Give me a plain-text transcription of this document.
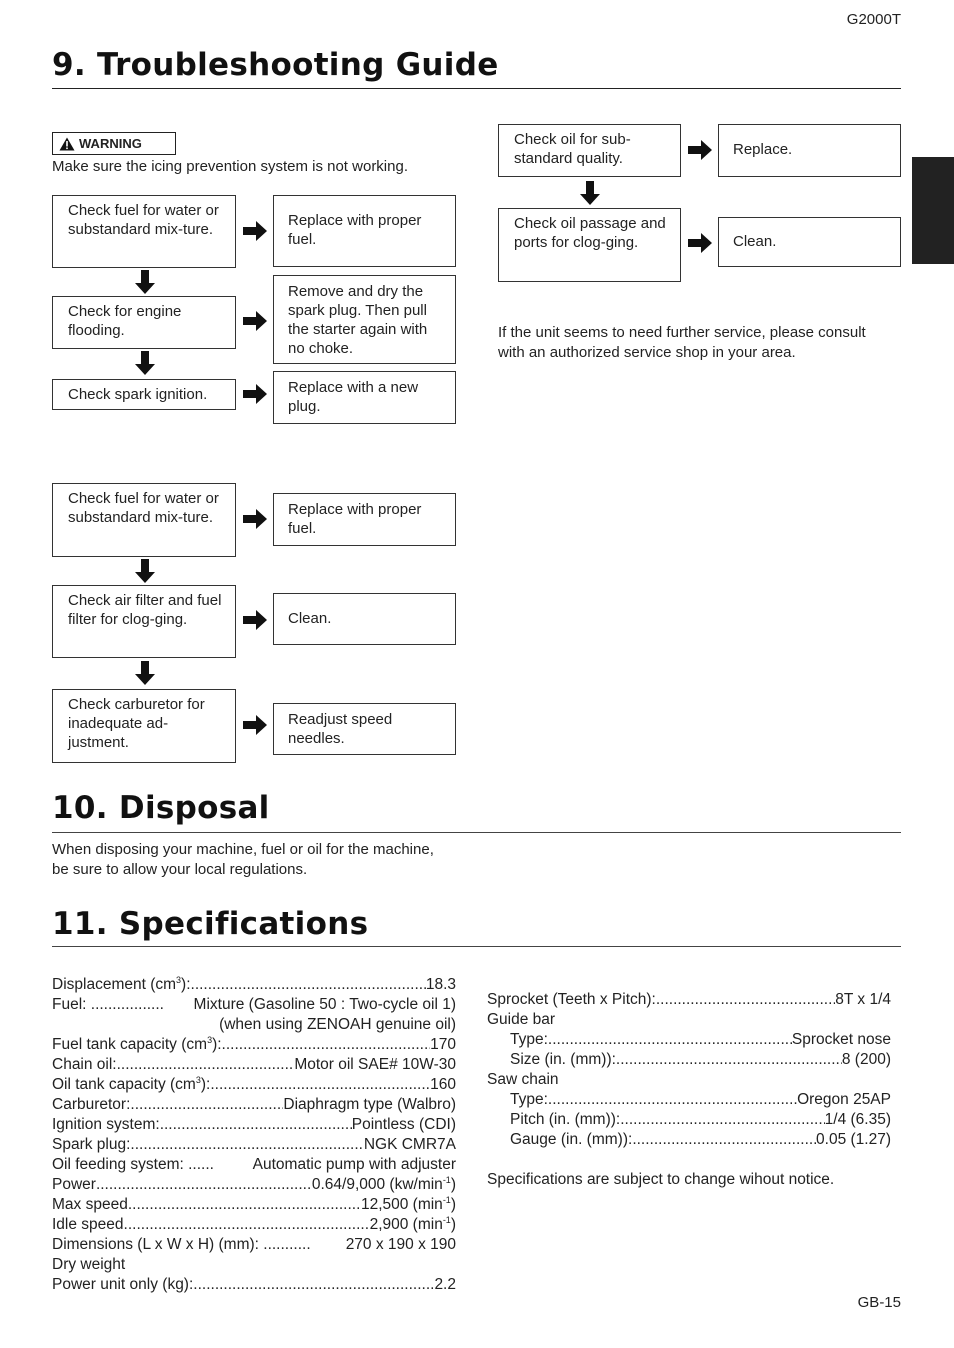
G2000T
GB-15
9. Troubleshooting Guide
WARNING
Make sure the icing prevention system is not working.
Check fuel for water or substandard mix-ture.
Replace with proper fuel.
Check for engine flooding.
Remove and dry the spark plug. Then pull the starter again with no choke.
Check spark ignition.	Replace with a new plug.
Check fuel for water or substandard mix-ture.	Replace with proper fuel.
Check air filter and fuel filter for clog-ging.	Clean.
Check carburetor for inadequate ad-justment.
Readjust speed needles.
Check oil for sub-standard quality.
Replace.
Check oil passage and ports for clog-ging.	Clean.
If the unit seems to need further service, please consult
with an authorized service shop in your area.
10. Disposal
When disposing your machine, fuel or oil for the machine,
be sure to allow your local regulations.
11. Specifications
Displacement $(cm^3)$: .....	18.3
Fuel: ................ ..... Mixture (Gasoline 50 : Two-cycle oil 1)
(when using ZENOAH genuine oil)
Fuel tank capacity $(cm^3)$: .....	170
Chain oil: .....	Motor oil SAE# 10W-30
Oil tank capacity $(cm^3)$: .....	160
Carburetor: .....	Diaphragm type (Walbro)
Ignition system: .....	Pointless (CDI)
Spark plug: .....	NGK CMR7A
Oil feeding system: ...... Automatic pump with adjuster
Power .....	0.64/9,000 $(kw/\min^{-1})$
Max speed .....	12,500 $(\min^{-1})$
Idle speed .....	2,900 $(\min^{-1})$
Dimensions (L x W x H) (mm): ........... 270 x 190 x 190
Dry weight
Power unit only (kg): .....	2.2
Sprocket (Teeth x Pitch): .....	8T x 1/4
Guide bar
Type: .....	Sprocket nose
Size (in. (mm)): .....	8 (200)
Saw chain
Type: .....	Oregon 25AP
Pitch (in. (mm)): .....	1/4 (6.35)
Gauge (in. (mm)): .....	0.05 (1.27)
Specifications are subject to change wihout notice.
